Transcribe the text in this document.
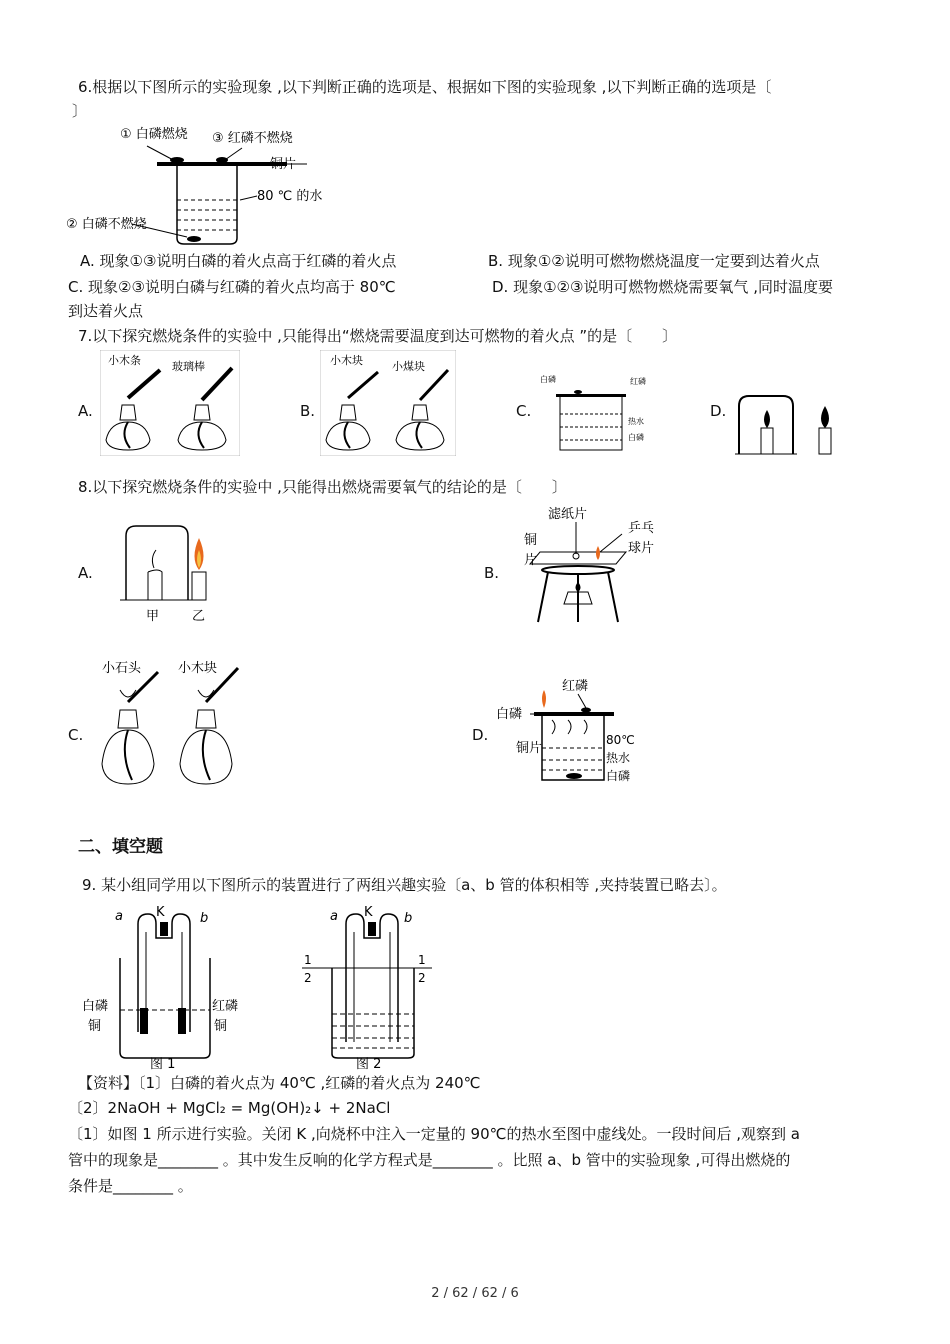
6.根据以下图所示的实验现象 ,以下判断正确的选项是、根据如下图的实验现象 ,以下判断正确的选项是〔
〕
① 白磷燃烧 ③ 红磷不燃烧
铜片
80 ℃ 的水
② 白磷不燃烧
A. 现象①③说明白磷的着火点高于红磷的着火点	B. 现象①②说明可燃物燃烧温度一定要到达着火点
C. 现象②③说明白磷与红磷的着火点均高于 80℃	D. 现象①②③说明可燃物燃烧需要氧气 ,同时温度要
到达着火点
7.以下探究燃烧条件的实验中 ,只能得出“燃烧需要温度到达可燃物的着火点 ”的是〔　　〕
A.
小木条	玻璃棒
B.
小木块	小煤块
C.
白磷	红磷
热水
白磷
D.
8.以下探究燃烧条件的实验中 ,只能得出燃烧需要氧气的结论的是〔　　〕
A.
甲	乙
B.
滤纸片
铜
片
乒乓
球片
C.
小石头	小木块
D.
红磷
白磷
铜片
80℃
热水
白磷
二、填空题
9. 某小组同学用以下图所示的装置进行了两组兴趣实验〔a、b 管的体积相等 ,夹持装置已略去〕。
a	K	b
白磷
铜
红磷
铜
图 1
a K b
1
2
1
2
图 2
【资料】〔1〕白磷的着火点为 40℃ ,红磷的着火点为 240℃
〔2〕2NaOH + MgCl₂ = Mg(OH)₂↓ + 2NaCl
〔1〕如图 1 所示进行实验。关闭 K ,向烧杯中注入一定量的 90℃的热水至图中虚线处。一段时间后 ,观察到 a
管中的现象是________ 。其中发生反响的化学方程式是________ 。比照 a、b 管中的实验现象 ,可得出燃烧的
条件是________ 。
2 / 62 / 62 / 6
